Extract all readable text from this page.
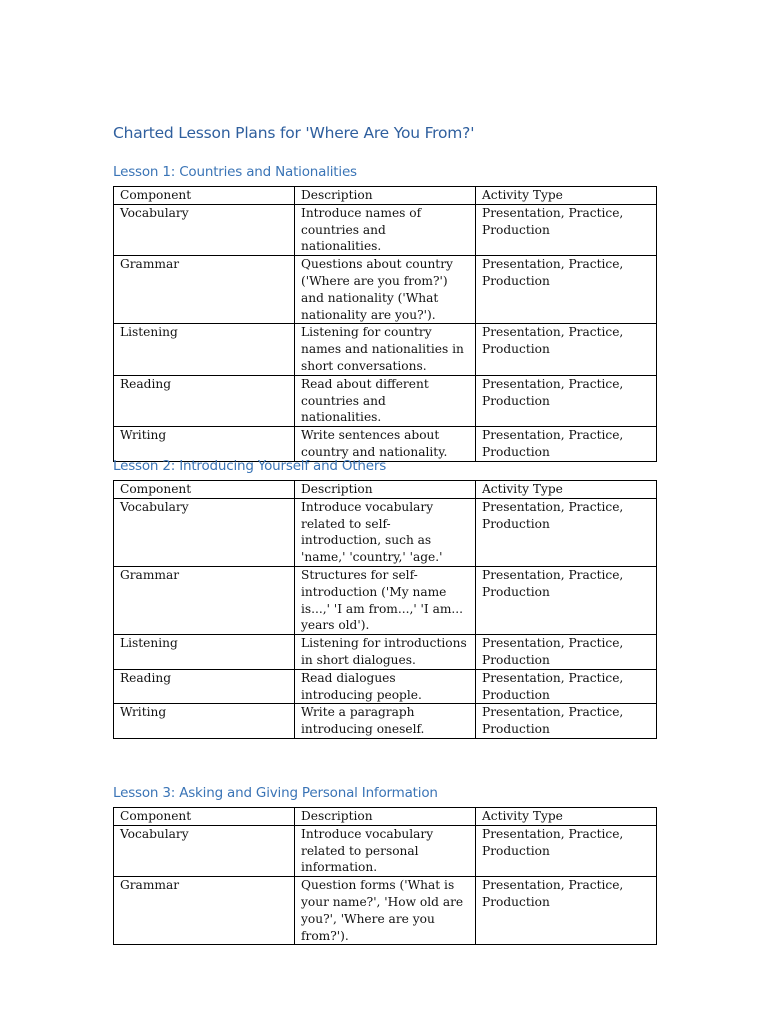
Charted Lesson Plans for 'Where Are You From?'
Lesson 1: Countries and Nationalities
Component	Description	Activity Type
Vocabulary	Introduce names of countries and nationalities.	Presentation, Practice, Production
Grammar	Questions about country ('Where are you from?') and nationality ('What nationality are you?').	Presentation, Practice, Production
Listening	Listening for country names and nationalities in short conversations.	Presentation, Practice, Production
Reading	Read about different countries and nationalities.	Presentation, Practice, Production
Writing	Write sentences about country and nationality.	Presentation, Practice, Production
Lesson 2: Introducing Yourself and Others
Component	Description	Activity Type
Vocabulary	Introduce vocabulary related to self-introduction, such as 'name,' 'country,' 'age.'	Presentation, Practice, Production
Grammar	Structures for self-introduction ('My name is...,' 'I am from...,' 'I am... years old').	Presentation, Practice, Production
Listening	Listening for introductions in short dialogues.	Presentation, Practice, Production
Reading	Read dialogues introducing people.	Presentation, Practice, Production
Writing	Write a paragraph introducing oneself.	Presentation, Practice, Production
Lesson 3: Asking and Giving Personal Information
Component	Description	Activity Type
Vocabulary	Introduce vocabulary related to personal information.	Presentation, Practice, Production
Grammar	Question forms ('What is your name?', 'How old are you?', 'Where are you from?').	Presentation, Practice, Production
